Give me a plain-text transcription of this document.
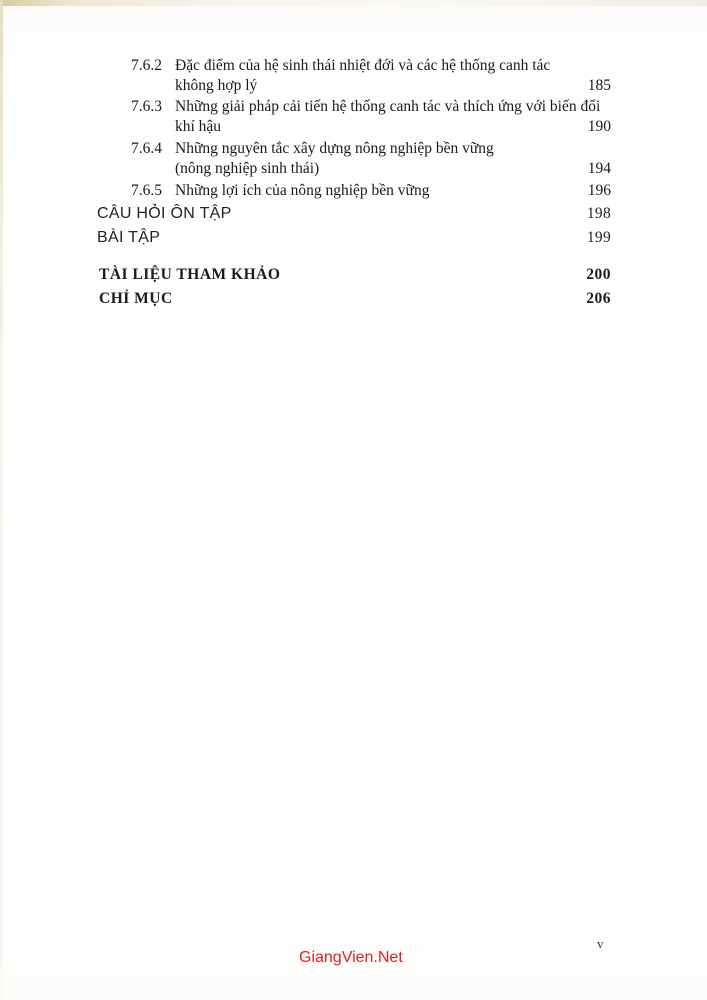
7.6.2 Đặc điểm của hệ sinh thái nhiệt đới và các hệ thống canh tác

không hợp lý	185
7.6.3 Những giải pháp cải tiến hệ thống canh tác và thích ứng với biến đổi

khí hậu	190
7.6.4 Những nguyên tắc xây dựng nông nghiệp bền vững

(nông nghiệp sinh thái)	194
7.6.5 Những lợi ích của nông nghiệp bền vững	196
CÂU HỎI ÔN TẬP	198
BÀI TẬP	199
TÀI LIỆU THAM KHẢO	200
CHỈ MỤC	206
v
GiangVien.Net
